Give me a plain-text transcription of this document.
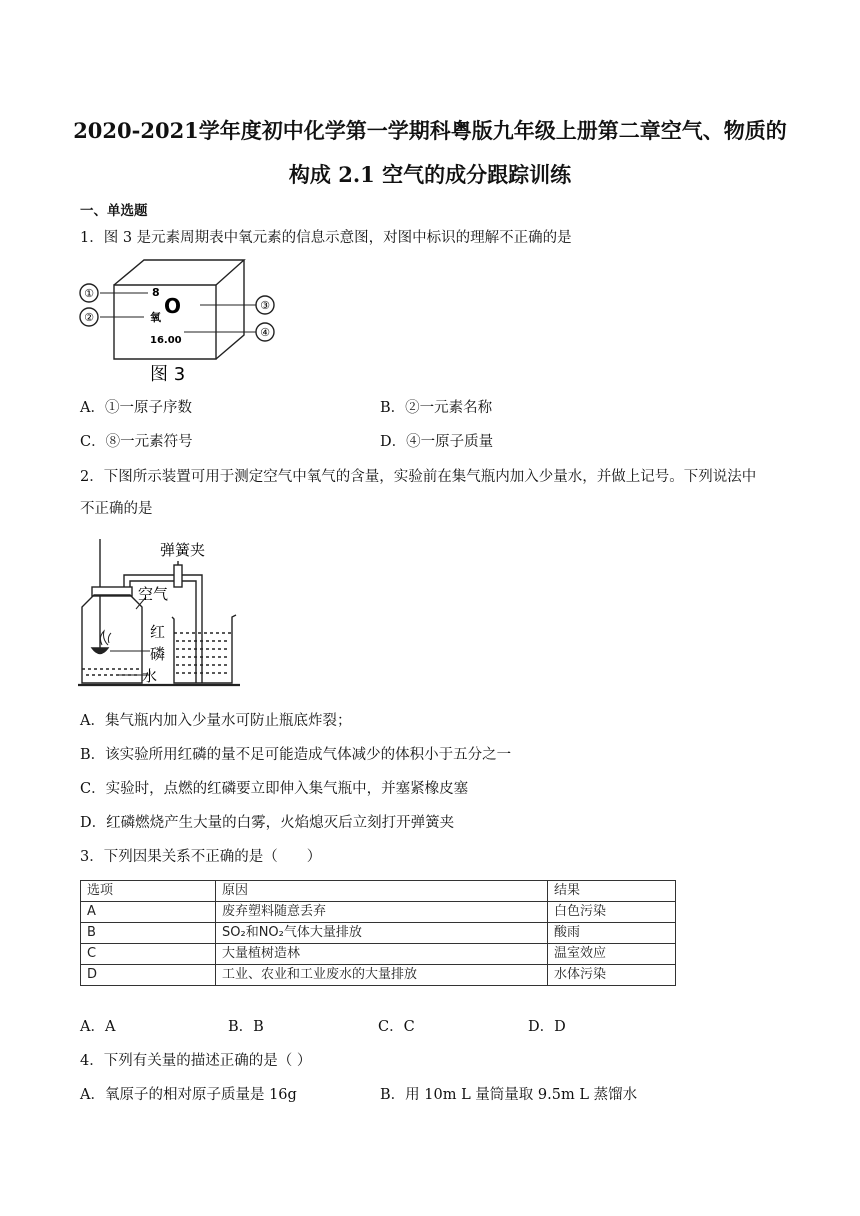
2020-2021学年度初中化学第一学期科粤版九年级上册第二章空气、物质的
构成 2.1 空气的成分跟踪训练
一、单选题
1．图 3 是元素周期表中氧元素的信息示意图，对图中标识的理解不正确的是
①
②
③
④
8
O
氧
16.00
图 3
A．①一原子序数	B．②一元素名称
C．⑧一元素符号	D．④一原子质量
2．下图所示装置可用于测定空气中氧气的含量，实验前在集气瓶内加入少量水，并做上记号。下列说法中
不正确的是
弹簧夹
空气
红
磷
水
A．集气瓶内加入少量水可防止瓶底炸裂；
B．该实验所用红磷的量不足可能造成气体减少的体积小于五分之一
C．实验时，点燃的红磷要立即伸入集气瓶中，并塞紧橡皮塞
D．红磷燃烧产生大量的白雾，火焰熄灭后立刻打开弹簧夹
3．下列因果关系不正确的是（　　）
选项	原因	结果
A	废弃塑料随意丢弃	白色污染
B	SO₂和NO₂气体大量排放	酸雨
C	大量植树造林	温室效应
D	工业、农业和工业废水的大量排放	水体污染
A．A	B．B	C．C	D．D
4．下列有关量的描述正确的是（ ）
A．氧原子的相对原子质量是 16g	B．用 10m L 量筒量取 9.5m L 蒸馏水
